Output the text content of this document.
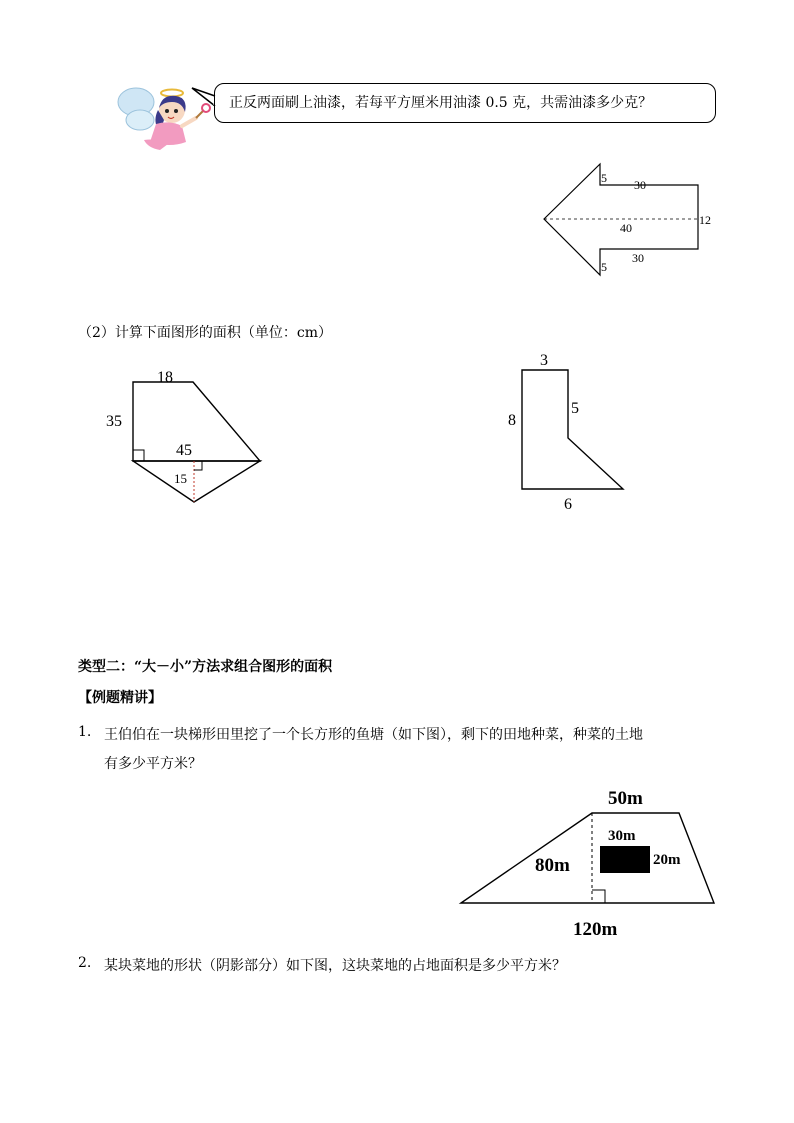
正反两面刷上油漆，若每平方厘米用油漆 0.5 克，共需油漆多少克？
5 30
12
40
30
5
（2）计算下面图形的面积（单位：cm）
18
35
45
15
3
8
5
6
类型二：“大－小”方法求组合图形的面积
【例题精讲】
1. 王伯伯在一块梯形田里挖了一个长方形的鱼塘（如下图），剩下的田地种菜，种菜的土地
有多少平方米？
50m
80m
30m
20m
120m
2. 某块菜地的形状（阴影部分）如下图，这块菜地的占地面积是多少平方米？
